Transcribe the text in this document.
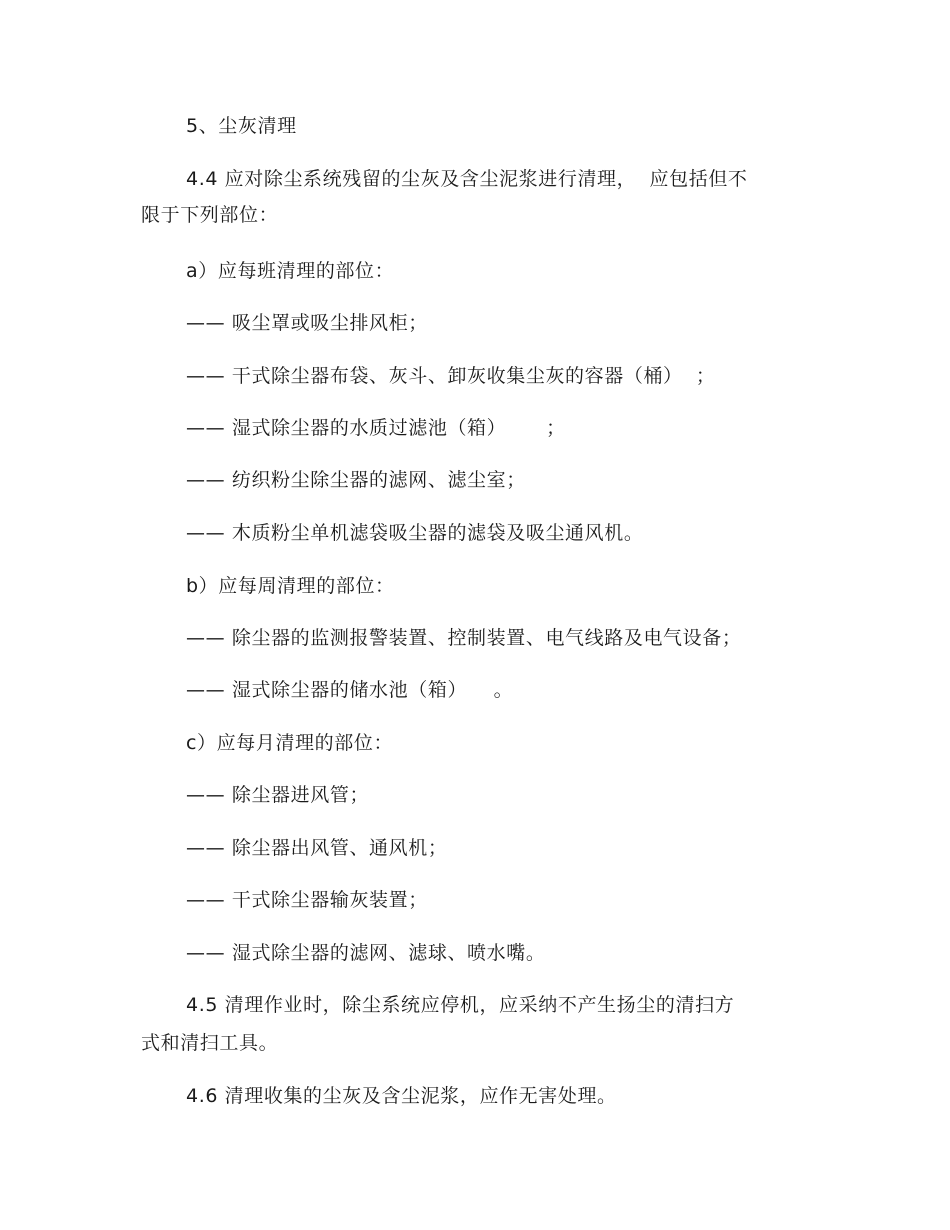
5、尘灰清理
4.4 应对除尘系统残留的尘灰及含尘泥浆进行清理，  应包括但不
限于下列部位：
a）应每班清理的部位：
—— 吸尘罩或吸尘排风柜；
—— 干式除尘器布袋、灰斗、卸灰收集尘灰的容器（桶）  ；
—— 湿式除尘器的水质过滤池（箱）      ；
—— 纺织粉尘除尘器的滤网、滤尘室；
—— 木质粉尘单机滤袋吸尘器的滤袋及吸尘通风机。
b）应每周清理的部位：
—— 除尘器的监测报警装置、控制装置、电气线路及电气设备；
—— 湿式除尘器的储水池（箱）    。
c）应每月清理的部位：
—— 除尘器进风管；
—— 除尘器出风管、通风机；
—— 干式除尘器输灰装置；
—— 湿式除尘器的滤网、滤球、喷水嘴。
4.5 清理作业时，除尘系统应停机，应采纳不产生扬尘的清扫方
式和清扫工具。
4.6 清理收集的尘灰及含尘泥浆，应作无害处理。
